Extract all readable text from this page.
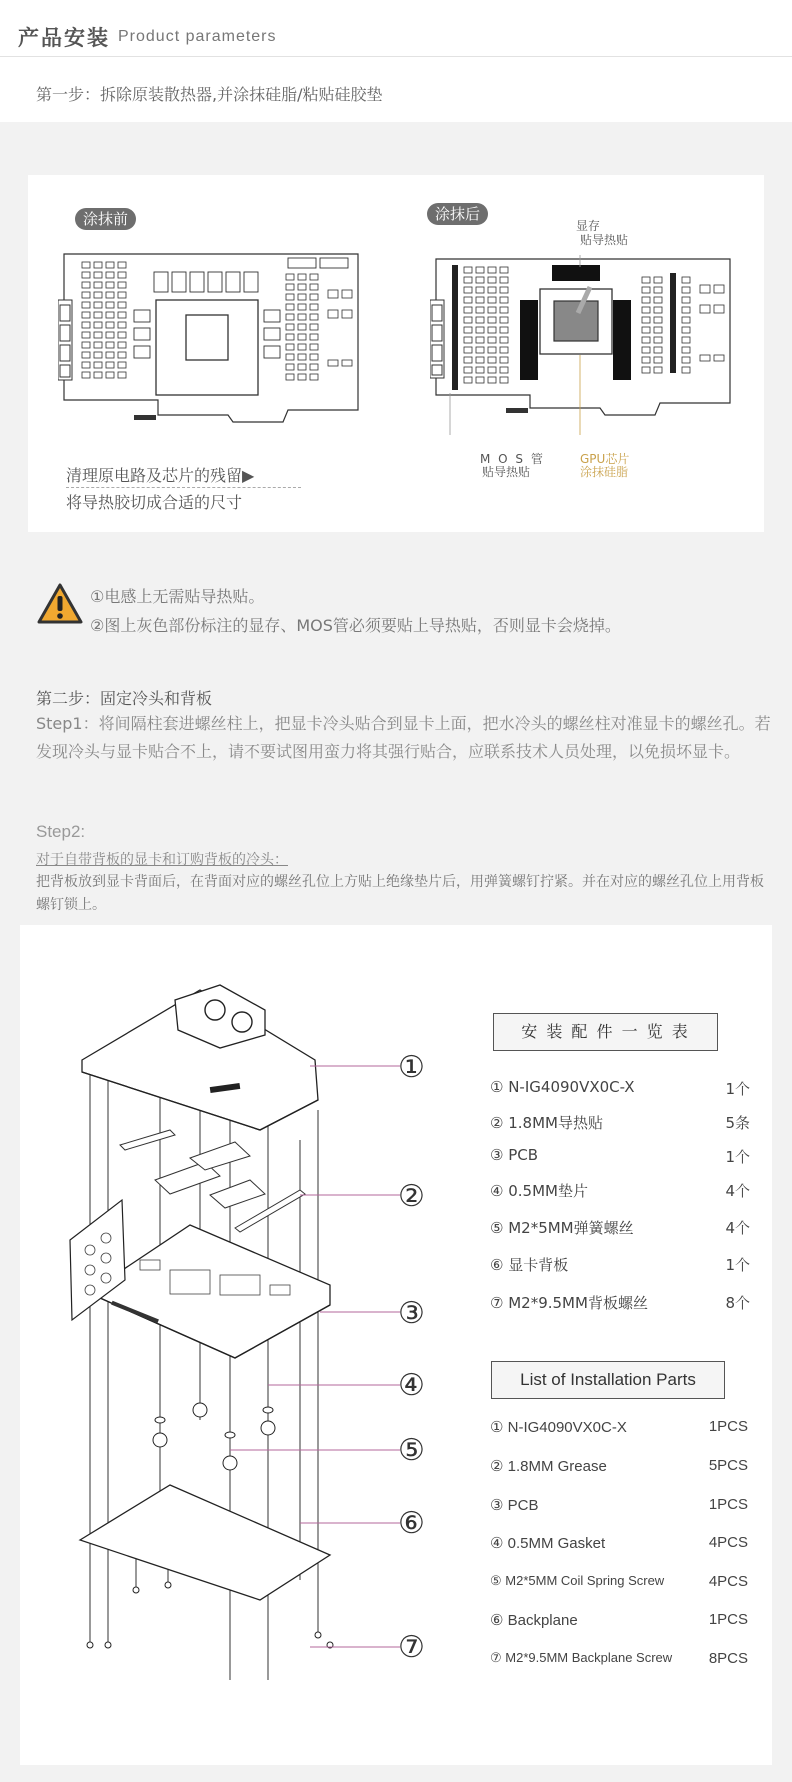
产品安装 Product parameters
第一步：拆除原装散热器,并涂抹硅脂/粘贴硅胶垫
涂抹前	涂抹后
显存
贴导热贴
M O S 管
贴导热贴
GPU芯片
涂抹硅脂
清理原电路及芯片的残留▶
将导热胶切成合适的尺寸
①电感上无需贴导热贴。
②图上灰色部份标注的显存、MOS管必须要贴上导热贴，否则显卡会烧掉。
第二步：固定冷头和背板
Step1：将间隔柱套进螺丝柱上，把显卡冷头贴合到显卡上面，把水冷头的螺丝柱对准显卡的螺丝孔。若发现冷头与显卡贴合不上，请不要试图用蛮力将其强行贴合，应联系技术人员处理，以免损坏显卡。
Step2:
对于自带背板的显卡和订购背板的冷头：
把背板放到显卡背面后，在背面对应的螺丝孔位上方贴上绝缘垫片后，用弹簧螺钉拧紧。并在对应的螺丝孔位上用背板螺钉锁上。
①
②
③
④
⑤
⑥
⑦
安 装 配 件 一 览 表
① N-IG4090VX0C-X	1个
② 1.8MM导热贴	5条
③ PCB	1个
④ 0.5MM垫片	4个
⑤ M2*5MM弹簧螺丝	4个
⑥ 显卡背板	1个
⑦ M2*9.5MM背板螺丝	8个
List of Installation Parts
① N-IG4090VX0C-X	1PCS
② 1.8MM Grease	5PCS
③ PCB	1PCS
④ 0.5MM Gasket	4PCS
⑤ M2*5MM Coil Spring Screw	4PCS
⑥ Backplane	1PCS
⑦ M2*9.5MM Backplane Screw 8PCS
